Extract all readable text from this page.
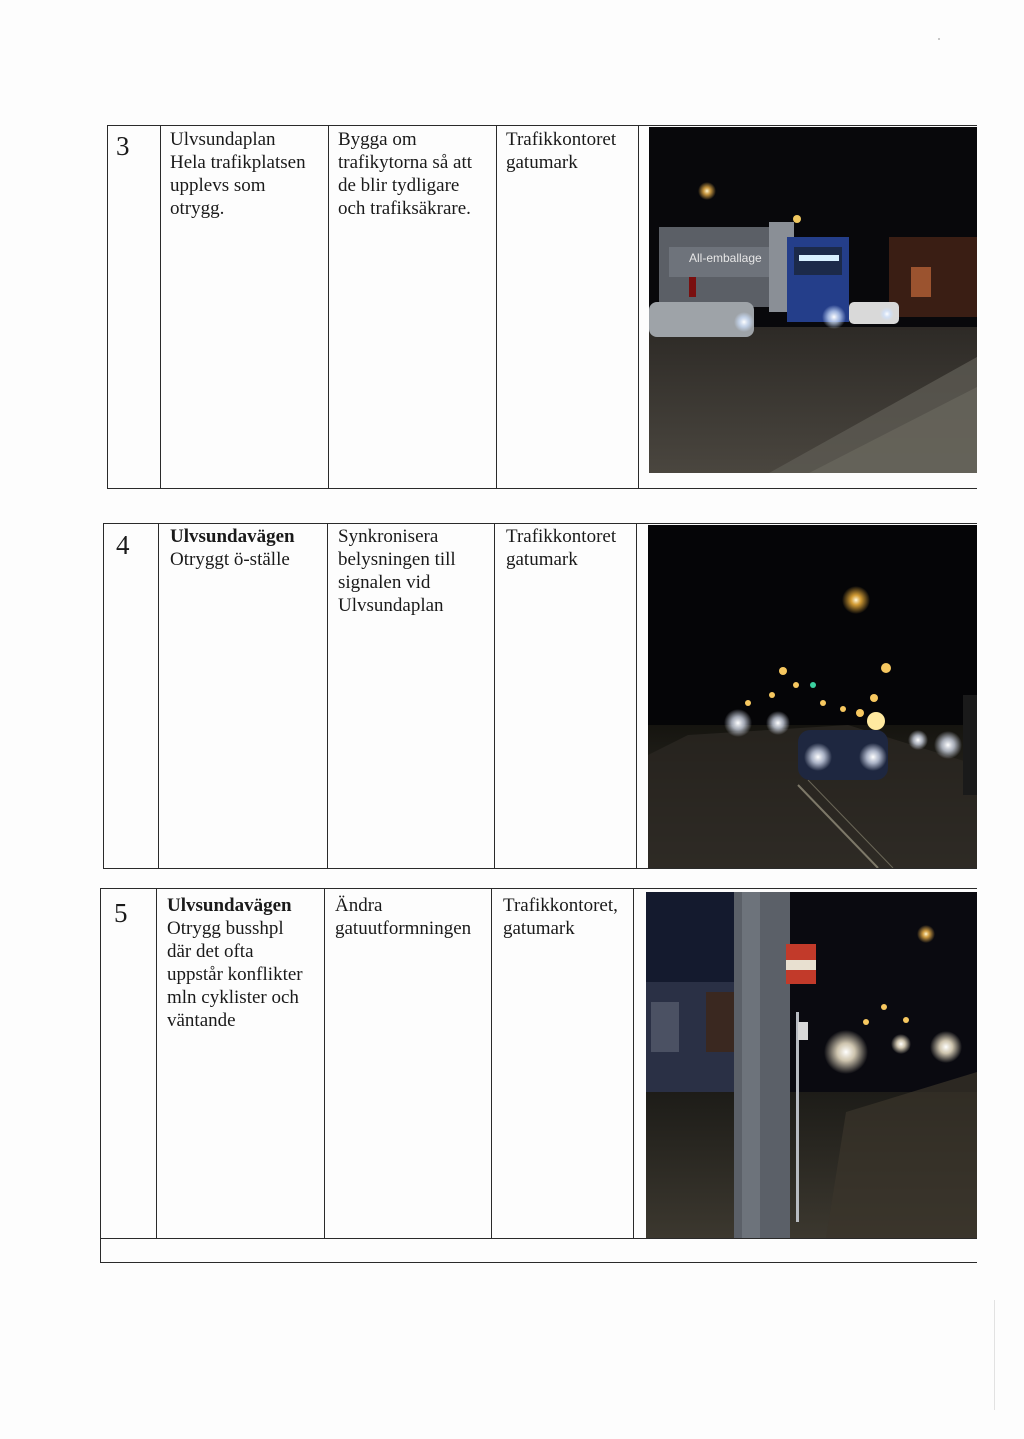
3 Ulvsundaplan
Hela trafikplatsen
upplevs som
otrygg.
Bygga om
trafikytorna så att
de blir tydligare
och trafiksäkrare.
Trafikkontoret
gatumark
All-emballage
4 Ulvsundavägen
Otryggt ö-ställe
Synkronisera
belysningen till
signalen vid
Ulvsundaplan
Trafikkontoret
gatumark
5 Ulvsundavägen
Otrygg busshpl
där det ofta
uppstår konflikter
mln cyklister och
väntande
Ändra
gatuutformningen
Trafikkontoret,
gatumark
